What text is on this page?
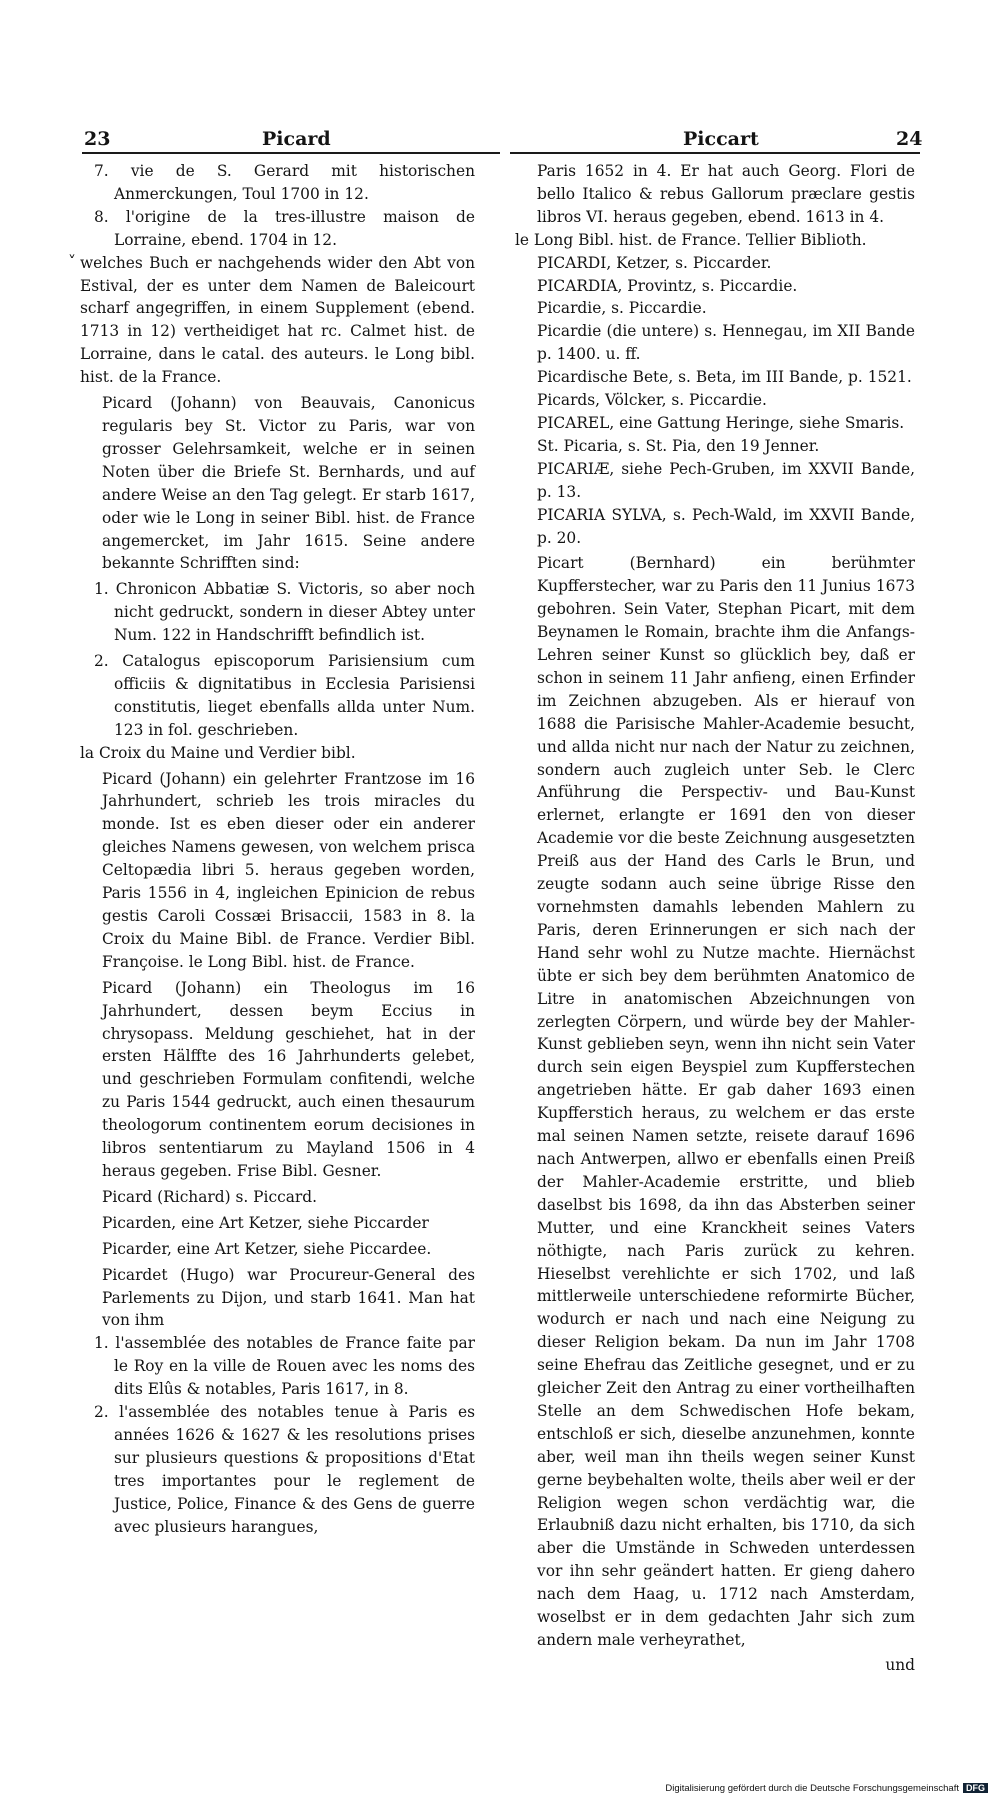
23	Picard	Piccart	24
˅

7. vie de S. Gerard mit historischen Anmerckungen, Toul 1700 in 12.

8. l'origine de la tres-illustre maison de Lorraine, ebend. 1704 in 12.

welches Buch er nachgehends wider den Abt von Estival, der es unter dem Namen de Baleicourt scharf angegriffen, in einem Supplement (ebend. 1713 in 12) vertheidiget hat rc. Calmet hist. de Lorraine, dans le catal. des auteurs. le Long bibl. hist. de la France.

Picard (Johann) von Beauvais, Canonicus regularis bey St. Victor zu Paris, war von grosser Gelehrsamkeit, welche er in seinen Noten über die Briefe St. Bernhards, und auf andere Weise an den Tag gelegt. Er starb 1617, oder wie le Long in seiner Bibl. hist. de France angemercket, im Jahr 1615. Seine andere bekannte Schrifften sind:

1. Chronicon Abbatiæ S. Victoris, so aber noch nicht gedruckt, sondern in dieser Abtey unter Num. 122 in Handschrifft befindlich ist.

2. Catalogus episcoporum Parisiensium cum officiis & dignitatibus in Ecclesia Parisiensi constitutis, lieget ebenfalls allda unter Num. 123 in fol. geschrieben.

la Croix du Maine und Verdier bibl.

Picard (Johann) ein gelehrter Frantzose im 16 Jahrhundert, schrieb les trois miracles du monde. Ist es eben dieser oder ein anderer gleiches Namens gewesen, von welchem prisca Celtopædia libri 5. heraus gegeben worden, Paris 1556 in 4, ingleichen Epinicion de rebus gestis Caroli Cossæi Brisaccii, 1583 in 8. la Croix du Maine Bibl. de France. Verdier Bibl. Françoise. le Long Bibl. hist. de France.

Picard (Johann) ein Theologus im 16 Jahrhundert, dessen beym Eccius in chrysopass. Meldung geschiehet, hat in der ersten Hälffte des 16 Jahrhunderts gelebet, und geschrieben Formulam confitendi, welche zu Paris 1544 gedruckt, auch einen thesaurum theologorum continentem eorum decisiones in libros sententiarum zu Mayland 1506 in 4 heraus gegeben. Frise Bibl. Gesner.

Picard (Richard) s. Piccard.

Picarden, eine Art Ketzer, siehe Piccarder

Picarder, eine Art Ketzer, siehe Piccardee.

Picardet (Hugo) war Procureur-General des Parlements zu Dijon, und starb 1641. Man hat von ihm

1. l'assemblée des notables de France faite par le Roy en la ville de Rouen avec les noms des dits Elûs & notables, Paris 1617, in 8.

2. l'assemblée des notables tenue à Paris es années 1626 & 1627 & les resolutions prises sur plusieurs questions & propositions d'Etat tres importantes pour le reglement de Justice, Police, Finance & des Gens de guerre avec plusieurs harangues,

Paris 1652 in 4. Er hat auch Georg. Flori de bello Italico & rebus Gallorum præclare gestis libros VI. heraus gegeben, ebend. 1613 in 4.

le Long Bibl. hist. de France. Tellier Biblioth.

PICARDI, Ketzer, s. Piccarder.

PICARDIA, Provintz, s. Piccardie.

Picardie, s. Piccardie.

Picardie (die untere) s. Hennegau, im XII Bande p. 1400. u. ff.

Picardische Bete, s. Beta, im III Bande, p. 1521.

Picards, Völcker, s. Piccardie.

PICAREL, eine Gattung Heringe, siehe Smaris.

St. Picaria, s. St. Pia, den 19 Jenner.

PICARIÆ, siehe Pech-Gruben, im XXVII Bande, p. 13.

PICARIA SYLVA, s. Pech-Wald, im XXVII Bande, p. 20.

Picart (Bernhard) ein berühmter Kupfferstecher, war zu Paris den 11 Junius 1673 gebohren. Sein Vater, Stephan Picart, mit dem Beynamen le Romain, brachte ihm die Anfangs-Lehren seiner Kunst so glücklich bey, daß er schon in seinem 11 Jahr anfieng, einen Erfinder im Zeichnen abzugeben. Als er hierauf von 1688 die Parisische Mahler-Academie besucht, und allda nicht nur nach der Natur zu zeichnen, sondern auch zugleich unter Seb. le Clerc Anführung die Perspectiv- und Bau-Kunst erlernet, erlangte er 1691 den von dieser Academie vor die beste Zeichnung ausgesetzten Preiß aus der Hand des Carls le Brun, und zeugte sodann auch seine übrige Risse den vornehmsten damahls lebenden Mahlern zu Paris, deren Erinnerungen er sich nach der Hand sehr wohl zu Nutze machte. Hiernächst übte er sich bey dem berühmten Anatomico de Litre in anatomischen Abzeichnungen von zerlegten Cörpern, und würde bey der Mahler-Kunst geblieben seyn, wenn ihn nicht sein Vater durch sein eigen Beyspiel zum Kupfferstechen angetrieben hätte. Er gab daher 1693 einen Kupfferstich heraus, zu welchem er das erste mal seinen Namen setzte, reisete darauf 1696 nach Antwerpen, allwo er ebenfalls einen Preiß der Mahler-Academie erstritte, und blieb daselbst bis 1698, da ihn das Absterben seiner Mutter, und eine Kranckheit seines Vaters nöthigte, nach Paris zurück zu kehren. Hieselbst verehlichte er sich 1702, und laß mittlerweile unterschiedene reformirte Bücher, wodurch er nach und nach eine Neigung zu dieser Religion bekam. Da nun im Jahr 1708 seine Ehefrau das Zeitliche gesegnet, und er zu gleicher Zeit den Antrag zu einer vortheilhaften Stelle an dem Schwedischen Hofe bekam, entschloß er sich, dieselbe anzunehmen, konnte aber, weil man ihn theils wegen seiner Kunst gerne beybehalten wolte, theils aber weil er der Religion wegen schon verdächtig war, die Erlaubniß dazu nicht erhalten, bis 1710, da sich aber die Umstände in Schweden unterdessen vor ihn sehr geändert hatten. Er gieng dahero nach dem Haag, u. 1712 nach Amsterdam, woselbst er in dem gedachten Jahr sich zum andern male verheyrathet,

und

Digitalisierung gefördert durch die Deutsche Forschungsgemeinschaft DFG
